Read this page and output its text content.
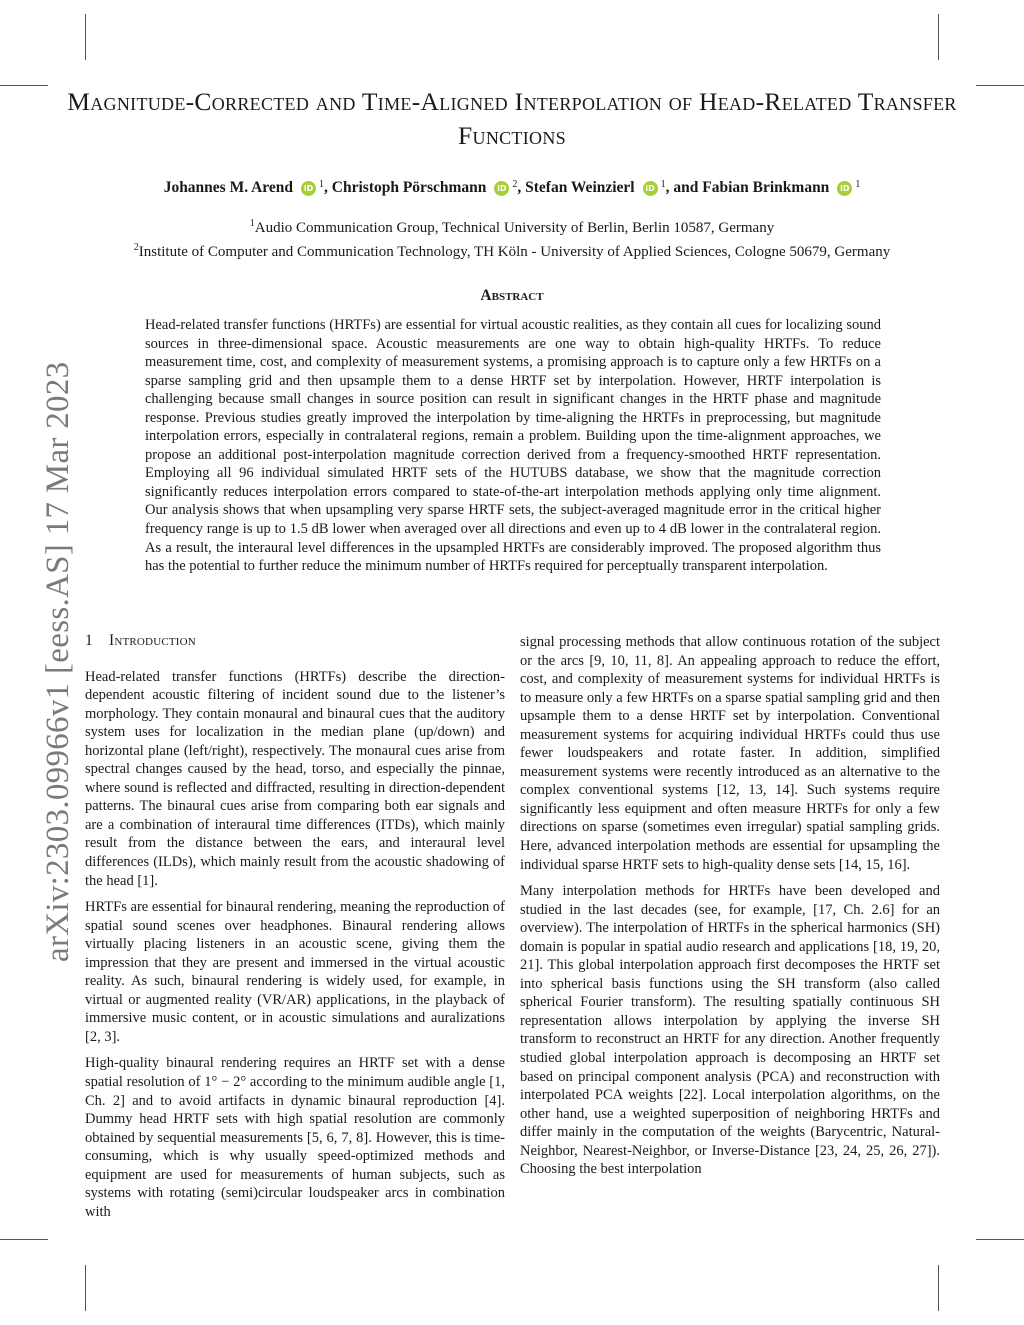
arXiv:2303.09966v1 [eess.AS] 17 Mar 2023
Magnitude-Corrected and Time-Aligned Interpolation of Head-Related Transfer Functions
Johannes M. Arend iD $^1$, Christoph Pörschmann iD $^2$, Stefan Weinzierl iD $^1$, and Fabian Brinkmann iD $^1$
$^1$Audio Communication Group, Technical University of Berlin, Berlin 10587, Germany
$^2$Institute of Computer and Communication Technology, TH Köln - University of Applied Sciences, Cologne 50679, Germany
Abstract

Head-related transfer functions (HRTFs) are essential for virtual acoustic realities, as they contain all cues for localizing sound sources in three-dimensional space. Acoustic measurements are one way to obtain high-quality HRTFs. To reduce measurement time, cost, and complexity of measurement systems, a promising approach is to capture only a few HRTFs on a sparse sampling grid and then upsample them to a dense HRTF set by interpolation. However, HRTF interpolation is challenging because small changes in source position can result in significant changes in the HRTF phase and magnitude response. Previous studies greatly improved the interpolation by time-aligning the HRTFs in preprocessing, but magnitude interpolation errors, especially in contralateral regions, remain a problem. Building upon the time-alignment approaches, we propose an additional post-interpolation magnitude correction derived from a frequency-smoothed HRTF representation. Employing all 96 individual simulated HRTF sets of the HUTUBS database, we show that the magnitude correction significantly reduces interpolation errors compared to state-of-the-art interpolation methods applying only time alignment. Our analysis shows that when upsampling very sparse HRTF sets, the subject-averaged magnitude error in the critical higher frequency range is up to 1.5 dB lower when averaged over all directions and even up to 4 dB lower in the contralateral region. As a result, the interaural level differences in the upsampled HRTFs are considerably improved. The proposed algorithm thus has the potential to further reduce the minimum number of HRTFs required for perceptually transparent interpolation.

1 Introduction

Head-related transfer functions (HRTFs) describe the direction-dependent acoustic filtering of incident sound due to the listener’s morphology. They contain monaural and binaural cues that the auditory system uses for localization in the median plane (up/down) and horizontal plane (left/right), respectively. The monaural cues arise from spectral changes caused by the head, torso, and especially the pinnae, where sound is reflected and diffracted, resulting in direction-dependent patterns. The binaural cues arise from comparing both ear signals and are a combination of interaural time differences (ITDs), which mainly result from the distance between the ears, and interaural level differences (ILDs), which mainly result from the acoustic shadowing of the head [1].

HRTFs are essential for binaural rendering, meaning the reproduction of spatial sound scenes over headphones. Binaural rendering allows virtually placing listeners in an acoustic scene, giving them the impression that they are present and immersed in the virtual acoustic reality. As such, binaural rendering is widely used, for example, in virtual or augmented reality (VR/AR) applications, in the playback of immersive music content, or in acoustic simulations and auralizations [2, 3].

High-quality binaural rendering requires an HRTF set with a dense spatial resolution of 1° − 2° according to the minimum audible angle [1, Ch. 2] and to avoid artifacts in dynamic binaural reproduction [4]. Dummy head HRTF sets with high spatial resolution are commonly obtained by sequential measurements [5, 6, 7, 8]. However, this is time-consuming, which is why usually speed-optimized methods and equipment are used for measurements of human subjects, such as systems with rotating (semi)circular loudspeaker arcs in combination with

signal processing methods that allow continuous rotation of the subject or the arcs [9, 10, 11, 8]. An appealing approach to reduce the effort, cost, and complexity of measurement systems for individual HRTFs is to measure only a few HRTFs on a sparse spatial sampling grid and then upsample them to a dense HRTF set by interpolation. Conventional measurement systems for acquiring individual HRTFs could thus use fewer loudspeakers and rotate faster. In addition, simplified measurement systems were recently introduced as an alternative to the complex conventional systems [12, 13, 14]. Such systems require significantly less equipment and often measure HRTFs for only a few directions on sparse (sometimes even irregular) spatial sampling grids. Here, advanced interpolation methods are essential for upsampling the individual sparse HRTF sets to high-quality dense sets [14, 15, 16].

Many interpolation methods for HRTFs have been developed and studied in the last decades (see, for example, [17, Ch. 2.6] for an overview). The interpolation of HRTFs in the spherical harmonics (SH) domain is popular in spatial audio research and applications [18, 19, 20, 21]. This global interpolation approach first decomposes the HRTF set into spherical basis functions using the SH transform (also called spherical Fourier transform). The resulting spatially continuous SH representation allows interpolation by applying the inverse SH transform to reconstruct an HRTF for any direction. Another frequently studied global interpolation approach is decomposing an HRTF set based on principal component analysis (PCA) and reconstruction with interpolated PCA weights [22]. Local interpolation algorithms, on the other hand, use a weighted superposition of neighboring HRTFs and differ mainly in the computation of the weights (Barycentric, Natural-Neighbor, Nearest-Neighbor, or Inverse-Distance [23, 24, 25, 26, 27]). Choosing the best interpolation
